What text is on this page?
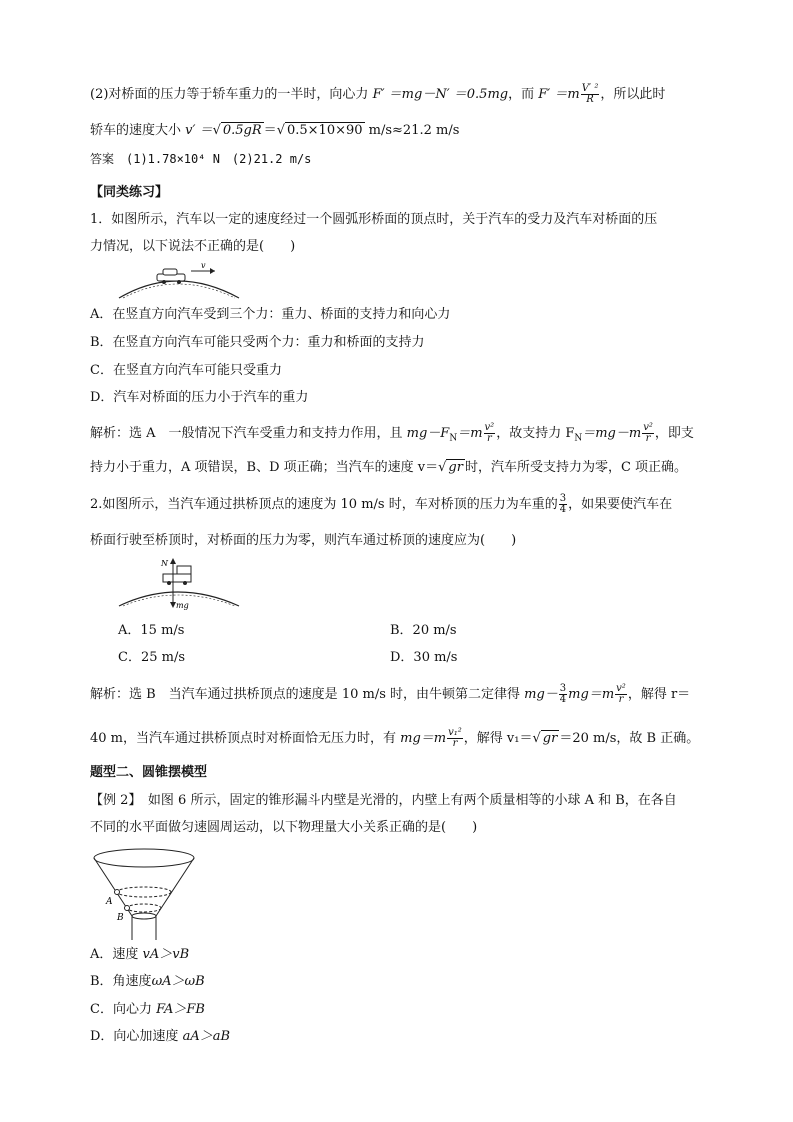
(2)对桥面的压力等于轿车重力的一半时，向心力 F′ ＝mg－N′ ＝0.5mg，而 $F' =m \frac{\text{V′ ²}}{R}$ ，所以此时
轿车的速度大小 v′ ＝√ 0.5gR ＝√ 0.5×10×90 m/s≈21.2 m/s
答案　(1)1.78×10⁴ N　(2)21.2 m/s
【同类练习】
1．如图所示，汽车以一定的速度经过一个圆弧形桥面的顶点时，关于汽车的受力及汽车对桥面的压
力情况，以下说法不正确的是(　　)
v
A．在竖直方向汽车受到三个力：重力、桥面的支持力和向心力
B．在竖直方向汽车可能只受两个力：重力和桥面的支持力
C．在竖直方向汽车可能只受重力
D．汽车对桥面的压力小于汽车的重力
解析：选 A　一般情况下汽车受重力和支持力作用，且 $mg-F_N=m \frac{\text{v²}}{r}$ ，故支持力 $F_N=mg-m \frac{\text{v²}}{r}$ ，即支
持力小于重力，A 项错误，B、D 项正确；当汽车的速度 v＝√ gr 时，汽车所受支持力为零，C 项正确。
2.如图所示，当汽车通过拱桥顶点的速度为 10 m/s 时，车对桥顶的压力为车重的 $\frac{3}{4}$ ，如果要使汽车在
桥面行驶至桥顶时，对桥面的压力为零，则汽车通过桥顶的速度应为(　　)
N
mg
A．15 m/s	B．20 m/s
C．25 m/s	D．30 m/s
解析：选 B　当汽车通过拱桥顶点的速度是 10 m/s 时，由牛顿第二定律得 $mg- \frac{3}{4} mg=m \frac{\text{v²}}{r}$ ，解得 r＝
40 m，当汽车通过拱桥顶点时对桥面恰无压力时，有 $mg=m \frac{\text{v₁²}}{r}$ ，解得 v₁＝√ gr ＝20 m/s，故 B 正确。
题型二、圆锥摆模型
【例 2】　如图 6 所示，固定的锥形漏斗内壁是光滑的，内壁上有两个质量相等的小球 A 和 B，在各自
不同的水平面做匀速圆周运动，以下物理量大小关系正确的是(　　)
A
B
A．速度 vA＞vB
B．角速度ωA＞ωB
C．向心力 FA＞FB
D．向心加速度 aA＞aB
